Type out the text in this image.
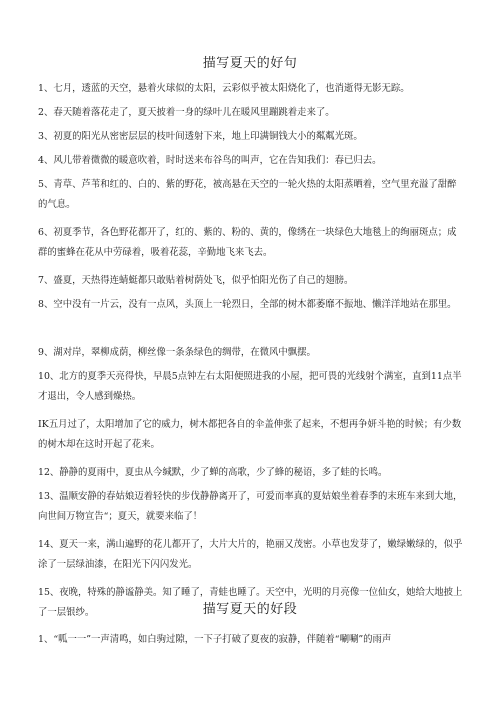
描写夏天的好句

1、七月，透蓝的天空，悬着火球似的太阳，云彩似乎被太阳烧化了，也消逝得无影无踪。

2、春天随着落花走了，夏天披着一身的绿叶儿在暖风里蹦跳着走来了。

3、初夏的阳光从密密层层的枝叶间透射下来，地上印满铜钱大小的粼粼光斑。

4、风儿带着微微的暖意吹着，时时送来布谷鸟的叫声，它在告知我们：春已归去。

5、青草、芦苇和红的、白的、紫的野花，被高悬在天空的一轮火热的太阳蒸晒着，空气里充溢了甜醉的气息。

6、初夏季节，各色野花都开了，红的、紫的、粉的、黄的，像绣在一块绿色大地毯上的绚丽斑点；成群的蜜蜂在花从中劳碌着，吸着花蕊，辛勤地飞来飞去。

7、盛夏，天热得连蜻蜓都只敢贴着树荫处飞，似乎怕阳光伤了自己的翅膀。

8、空中没有一片云，没有一点风，头顶上一轮烈日，全部的树木都萎靡不振地、懒洋洋地站在那里。

9、湖对岸，翠柳成荫，柳丝像一条条绿色的绸带，在微风中飘摆。

10、北方的夏季天亮得快，早晨5点钟左右太阳便照进我的小屋，把可畏的光线射个满室，直到11点半才退出，令人感到燥热。

IK五月过了，太阳增加了它的威力，树木都把各自的伞盖伸张了起来，不想再争妍斗艳的时候；有少数的树木却在这时开起了花来。

12、静静的夏雨中，夏虫从今缄默，少了蝉的高歌，少了蜂的秘语，多了蛙的长鸣。

13、温顺安静的春姑娘迈着轻快的步伐静静离开了，可爱而率真的夏姑娘坐着春季的末班车来到大地，向世间万物宣告“；夏天，就要来临了！

14、夏天一来，满山遍野的花儿都开了，大片大片的，艳丽又茂密。小草也发芽了，嫩绿嫩绿的，似乎涂了一层绿油漆，在阳光下闪闪发光。

15、夜晚，特殊的静谧静美。知了睡了，青蛙也睡了。天空中，光明的月亮像一位仙女，她给大地披上了一层银纱。	描写夏天的好段

1、“呱一一”一声清鸣，如白驹过隙，一下子打破了夏夜的寂静，伴随着“唰唰”的雨声
